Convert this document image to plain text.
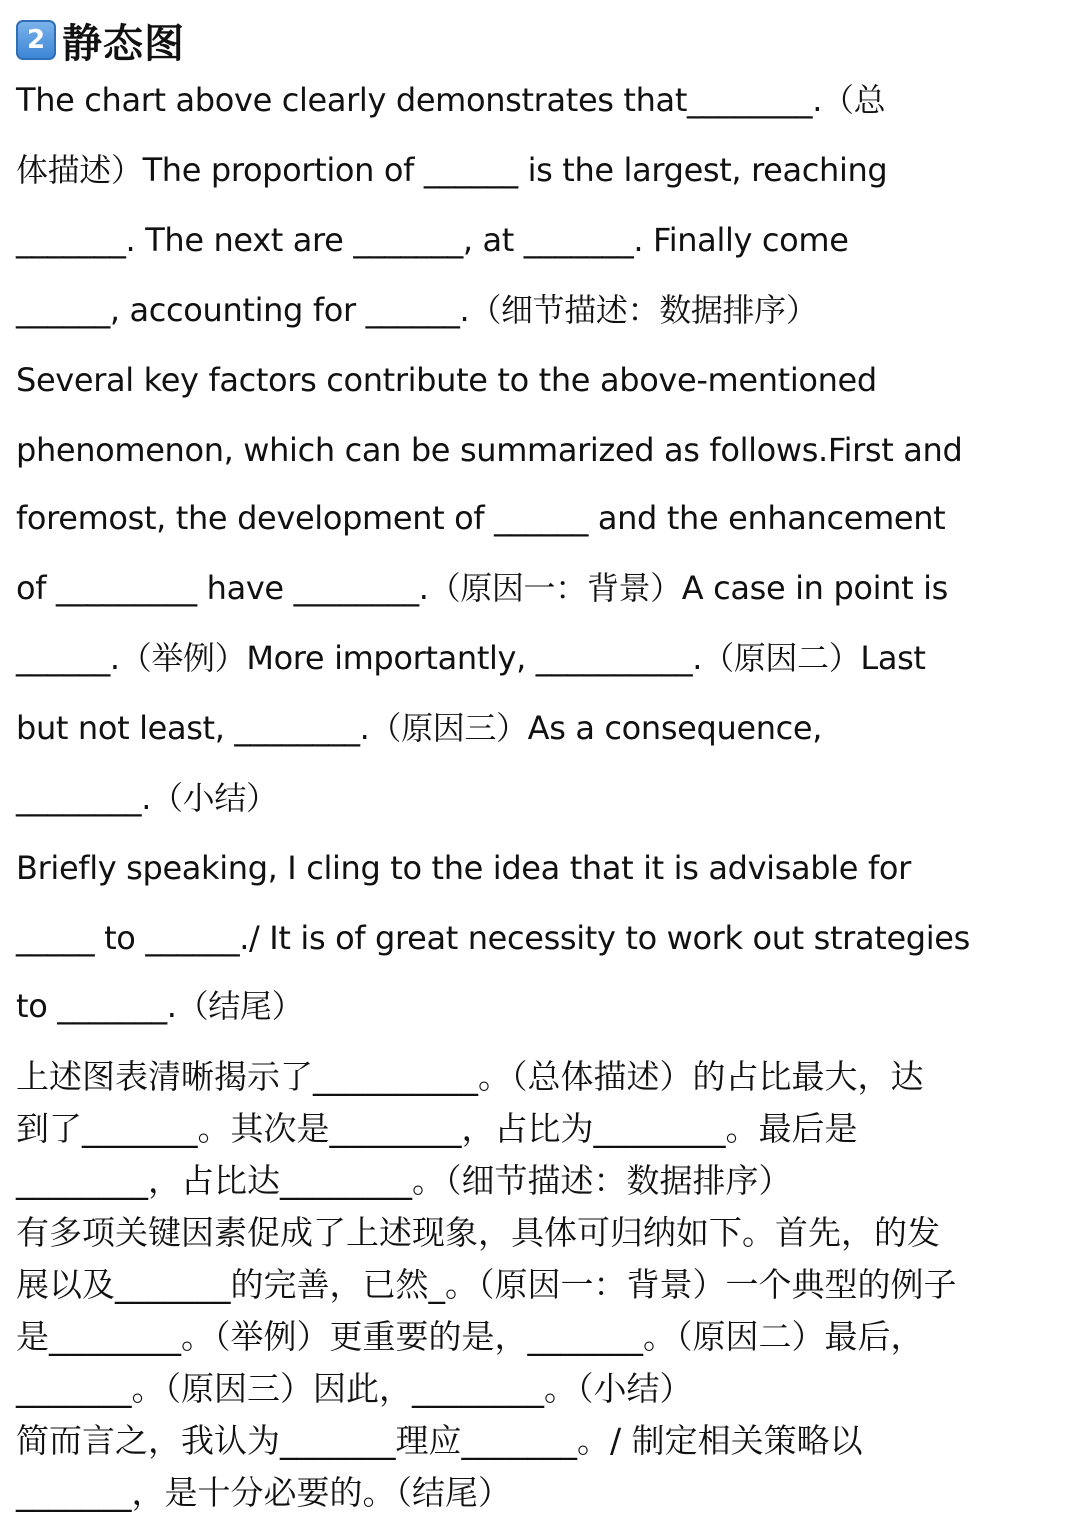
2 静态图
The chart above clearly demonstrates that________.（总
体描述）The proportion of ______ is the largest, reaching
_______. The next are _______, at _______. Finally come
______, accounting for ______.（细节描述：数据排序）
Several key factors contribute to the above-mentioned
phenomenon, which can be summarized as follows.First and
foremost, the development of ______ and the enhancement
of _________ have ________.（原因一：背景）A case in point is
______.（举例）More importantly, __________.（原因二）Last
but not least, ________.（原因三）As a consequence,
________.（小结）
Briefly speaking, I cling to the idea that it is advisable for
_____ to ______./ It is of great necessity to work out strategies
to _______.（结尾）
上述图表清晰揭示了__________。（总体描述）的占比最大，达
到了_______。其次是________，占比为________。最后是
________，占比达________。（细节描述：数据排序）
有多项关键因素促成了上述现象，具体可归纳如下。首先，的发
展以及_______的完善，已然_。（原因一：背景）一个典型的例子
是________。（举例）更重要的是，_______。（原因二）最后，
_______。（原因三）因此，________。（小结）
简而言之，我认为_______理应_______。/ 制定相关策略以
_______，是十分必要的。（结尾）
